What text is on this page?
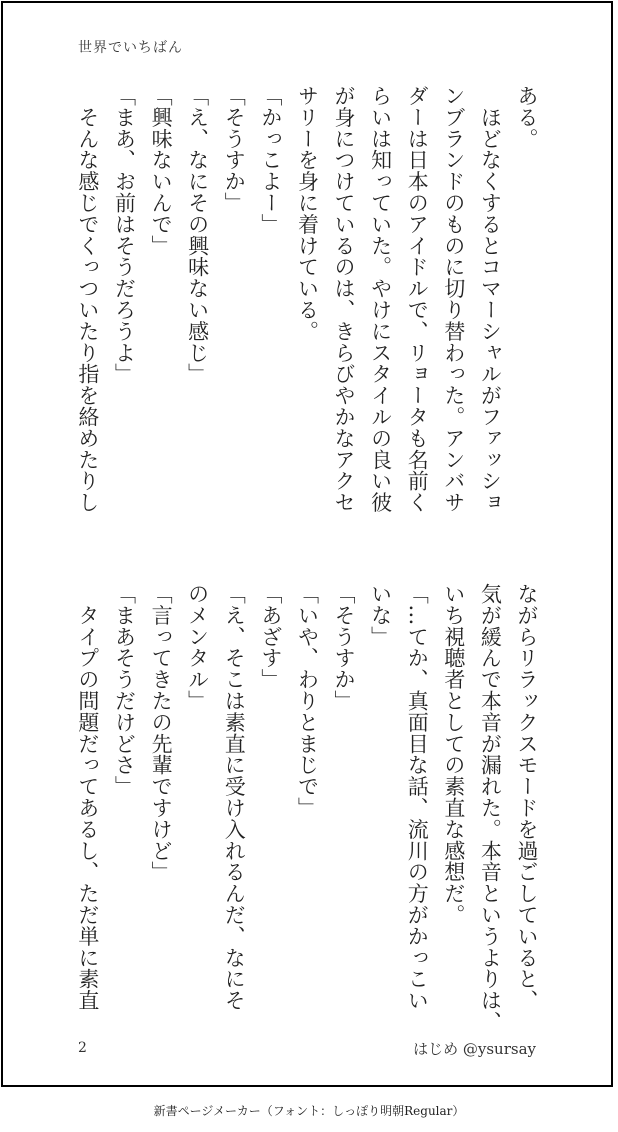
世界でいちばん
ある。
　ほどなくするとコマーシャルがファッショ
ンブランドのものに切り替わった。アンバサ
ダーは日本のアイドルで、リョータも名前く
らいは知っていた。やけにスタイルの良い彼
が身につけているのは、きらびやかなアクセ
サリーを身に着けている。
「かっこよー」
「そうすか」
「え、なにその興味ない感じ」
「興味ないんで」
「まあ、お前はそうだろうよ」
　そんな感じでくっついたり指を絡めたりし
ながらリラックスモードを過ごしていると、
気が緩んで本音が漏れた。本音というよりは、
いち視聴者としての素直な感想だ。
「…てか、真面目な話、流川の方がかっこい
いな」
「そうすか」
「いや、わりとまじで」
「あざす」
「え、そこは素直に受け入れるんだ、なにそ
のメンタル」
「言ってきたの先輩ですけど」
「まあそうだけどさ」
　タイプの問題だってあるし、ただ単に素直
2	はじめ @ysursay
新書ページメーカー（フォント：しっぽり明朝Regular）
